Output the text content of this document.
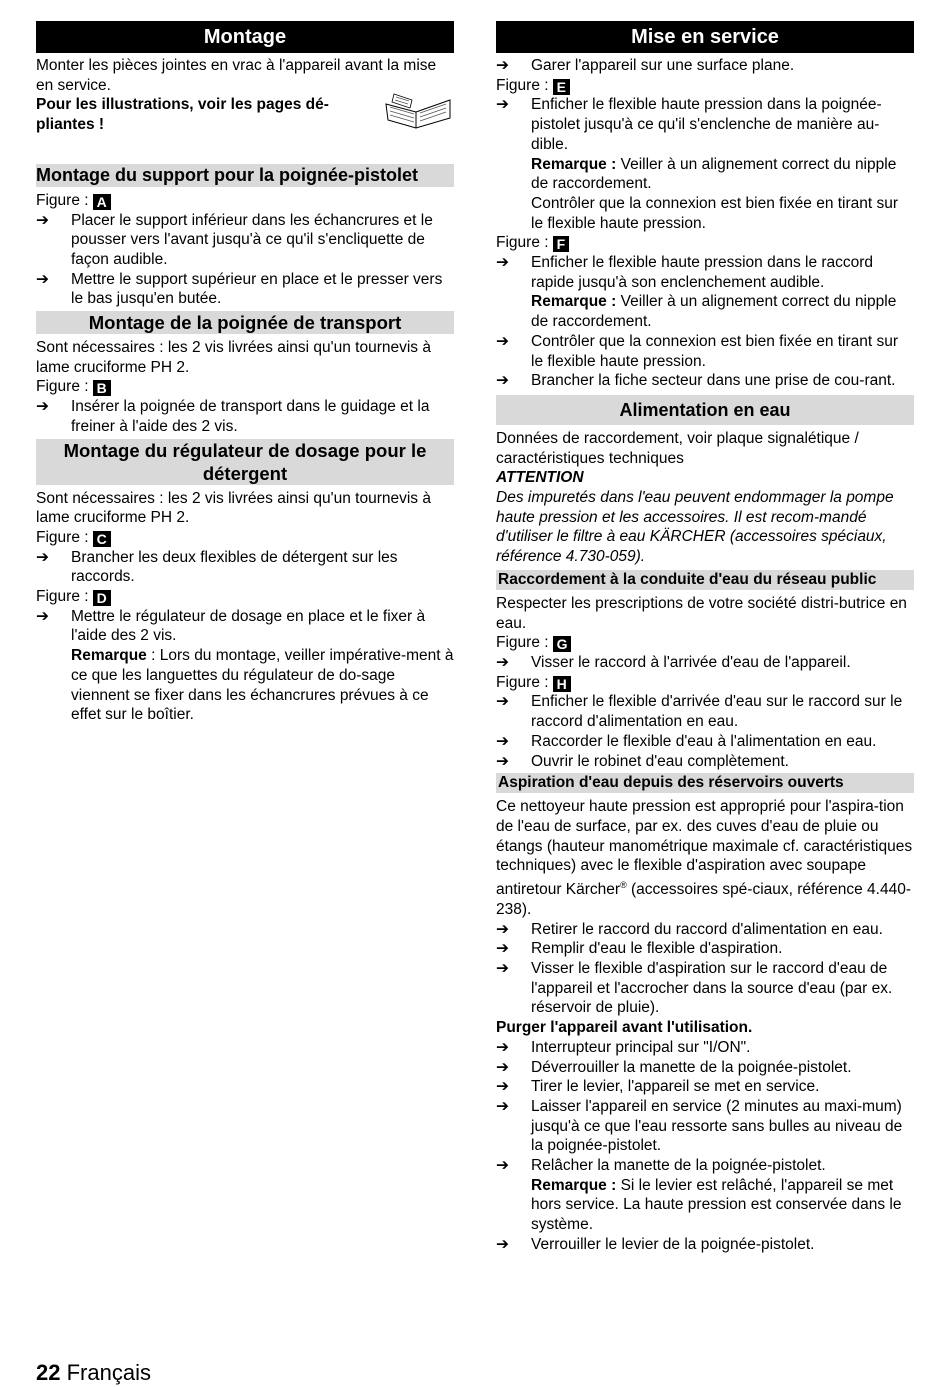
Montage

Monter les pièces jointes en vrac à l'appareil avant la mise en service.

Pour les illustrations, voir les pages dé-pliantes !

Montage du support pour la poignée-pistolet

Figure : A

➔ Placer le support inférieur dans les échancrures et le pousser vers l'avant jusqu'à ce qu'il s'encliquette de façon audible.
➔ Mettre le support supérieur en place et le presser vers le bas jusqu'en butée.
Montage de la poignée de transport

Sont nécessaires : les 2 vis livrées ainsi qu'un tournevis à lame cruciforme PH 2.

Figure : B

➔ Insérer la poignée de transport dans le guidage et la freiner à l'aide des 2 vis.
Montage du régulateur de dosage pour le détergent

Sont nécessaires : les 2 vis livrées ainsi qu'un tournevis à lame cruciforme PH 2.

Figure : C

➔ Brancher les deux flexibles de détergent sur les raccords.

Figure : D

➔ Mettre le régulateur de dosage en place et le fixer à l'aide des 2 vis.

Remarque : Lors du montage, veiller impérative-ment à ce que les languettes du régulateur de do-sage viennent se fixer dans les échancrures prévues à ce effet sur le boîtier.

Mise en service
➔ Garer l'appareil sur une surface plane.

Figure : E

➔ Enficher le flexible haute pression dans la poignée-pistolet jusqu'à ce qu'il s'enclenche de manière au-dible.

Remarque : Veiller à un alignement correct du nipple de raccordement.

Contrôler que la connexion est bien fixée en tirant sur le flexible haute pression.

Figure : F

➔ Enficher le flexible haute pression dans le raccord rapide jusqu'à son enclenchement audible.

Remarque : Veiller à un alignement correct du nipple de raccordement.

➔ Contrôler que la connexion est bien fixée en tirant sur le flexible haute pression.
➔ Brancher la fiche secteur dans une prise de cou-rant.
Alimentation en eau

Données de raccordement, voir plaque signalétique / caractéristiques techniques

ATTENTION

Des impuretés dans l'eau peuvent endommager la pompe haute pression et les accessoires. Il est recom-mandé d'utiliser le filtre à eau KÄRCHER (accessoires spéciaux, référence 4.730-059).

Raccordement à la conduite d'eau du réseau public

Respecter les prescriptions de votre société distri-butrice en eau.

Figure : G

➔ Visser le raccord à l'arrivée d'eau de l'appareil.

Figure : H

➔ Enficher le flexible d'arrivée d'eau sur le raccord sur le raccord d'alimentation en eau.
➔ Raccorder le flexible d'eau à l'alimentation en eau.
➔ Ouvrir le robinet d'eau complètement.
Aspiration d'eau depuis des réservoirs ouverts

Ce nettoyeur haute pression est approprié pour l'aspira-tion de l'eau de surface, par ex. des cuves d'eau de pluie ou étangs (hauteur manométrique maximale cf. caractéristiques techniques) avec le flexible d'aspiration avec soupape antiretour Kärcher® (accessoires spé-ciaux, référence 4.440-238).

➔ Retirer le raccord du raccord d'alimentation en eau.
➔ Remplir d'eau le flexible d'aspiration.
➔ Visser le flexible d'aspiration sur le raccord d'eau de l'appareil et l'accrocher dans la source d'eau (par ex. réservoir de pluie).

Purger l'appareil avant l'utilisation.

➔ Interrupteur principal sur "I/ON".
➔ Déverrouiller la manette de la poignée-pistolet.
➔ Tirer le levier, l'appareil se met en service.
➔ Laisser l'appareil en service (2 minutes au maxi-mum) jusqu'à ce que l'eau ressorte sans bulles au niveau de la poignée-pistolet.
➔ Relâcher la manette de la poignée-pistolet.

Remarque : Si le levier est relâché, l'appareil se met hors service. La haute pression est conservée dans le système.

➔ Verrouiller le levier de la poignée-pistolet.
22 Français
